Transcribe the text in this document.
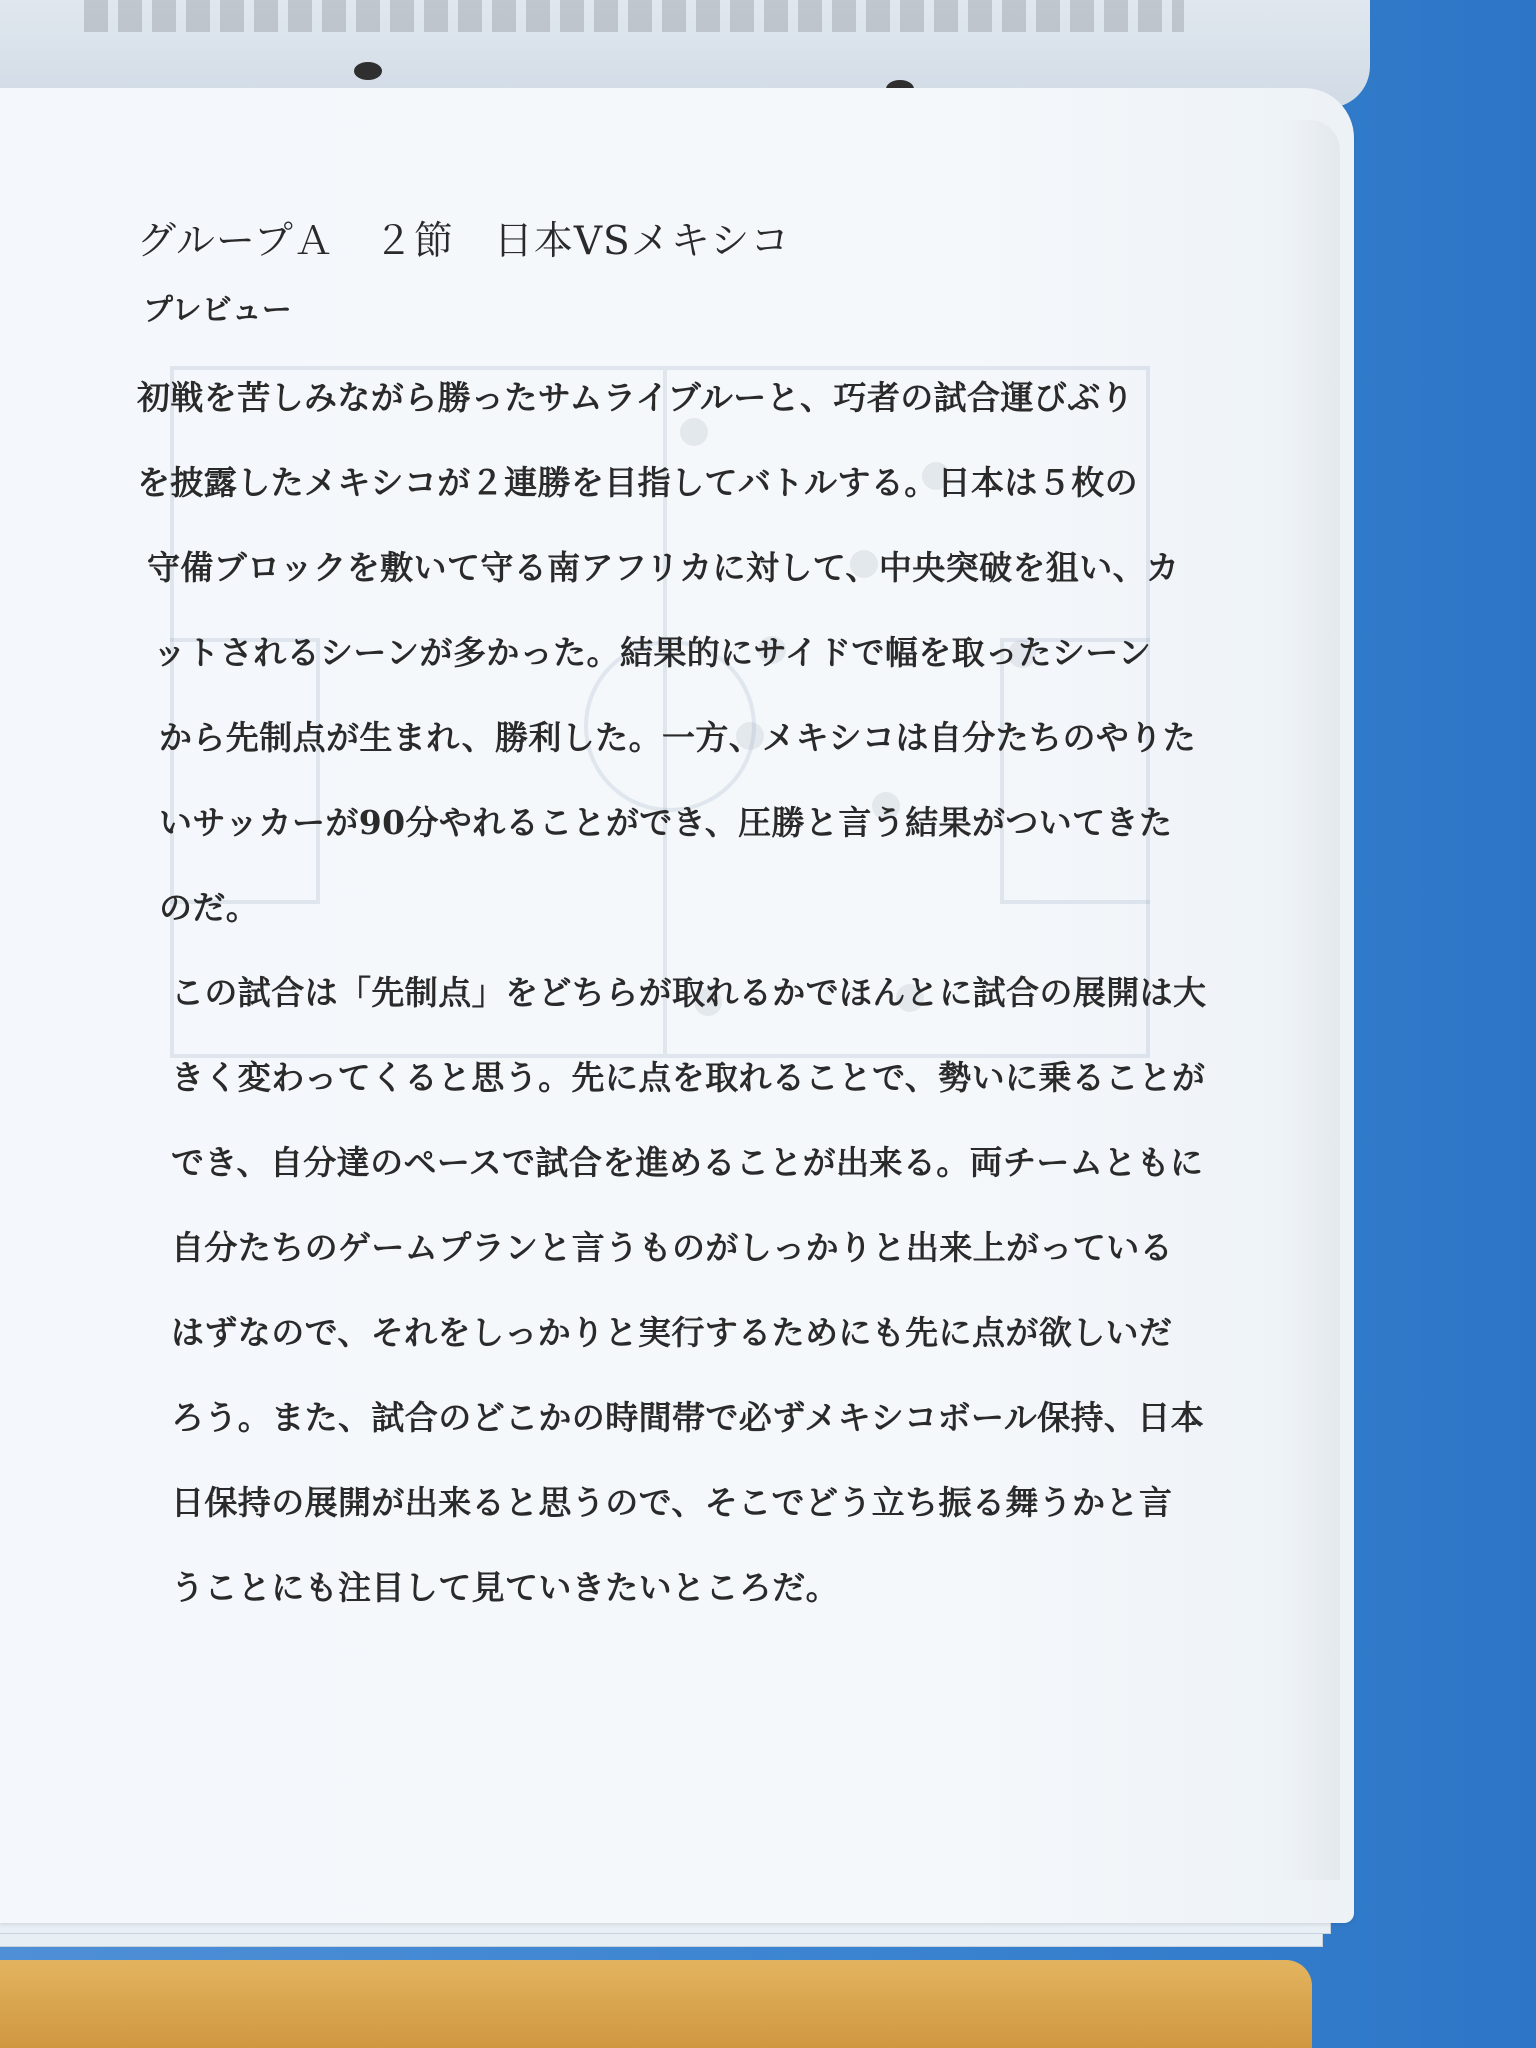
グループＡ　２節　日本VSメキシコ
プレビュー

初戦を苦しみながら勝ったサムライブルーと、巧者の試合運びぶり
を披露したメキシコが２連勝を目指してバトルする。日本は５枚の
守備ブロックを敷いて守る南アフリカに対して、中央突破を狙い、カ
ットされるシーンが多かった。結果的にサイドで幅を取ったシーン
から先制点が生まれ、勝利した。一方、メキシコは自分たちのやりた
いサッカーが90分やれることができ、圧勝と言う結果がついてきた
のだ。

この試合は「先制点」をどちらが取れるかでほんとに試合の展開は大
きく変わってくると思う。先に点を取れることで、勢いに乗ることが
でき、自分達のペースで試合を進めることが出来る。両チームともに
自分たちのゲームプランと言うものがしっかりと出来上がっている
はずなので、それをしっかりと実行するためにも先に点が欲しいだ
ろう。また、試合のどこかの時間帯で必ずメキシコボール保持、日本
日保持の展開が出来ると思うので、そこでどう立ち振る舞うかと言
うことにも注目して見ていきたいところだ。
